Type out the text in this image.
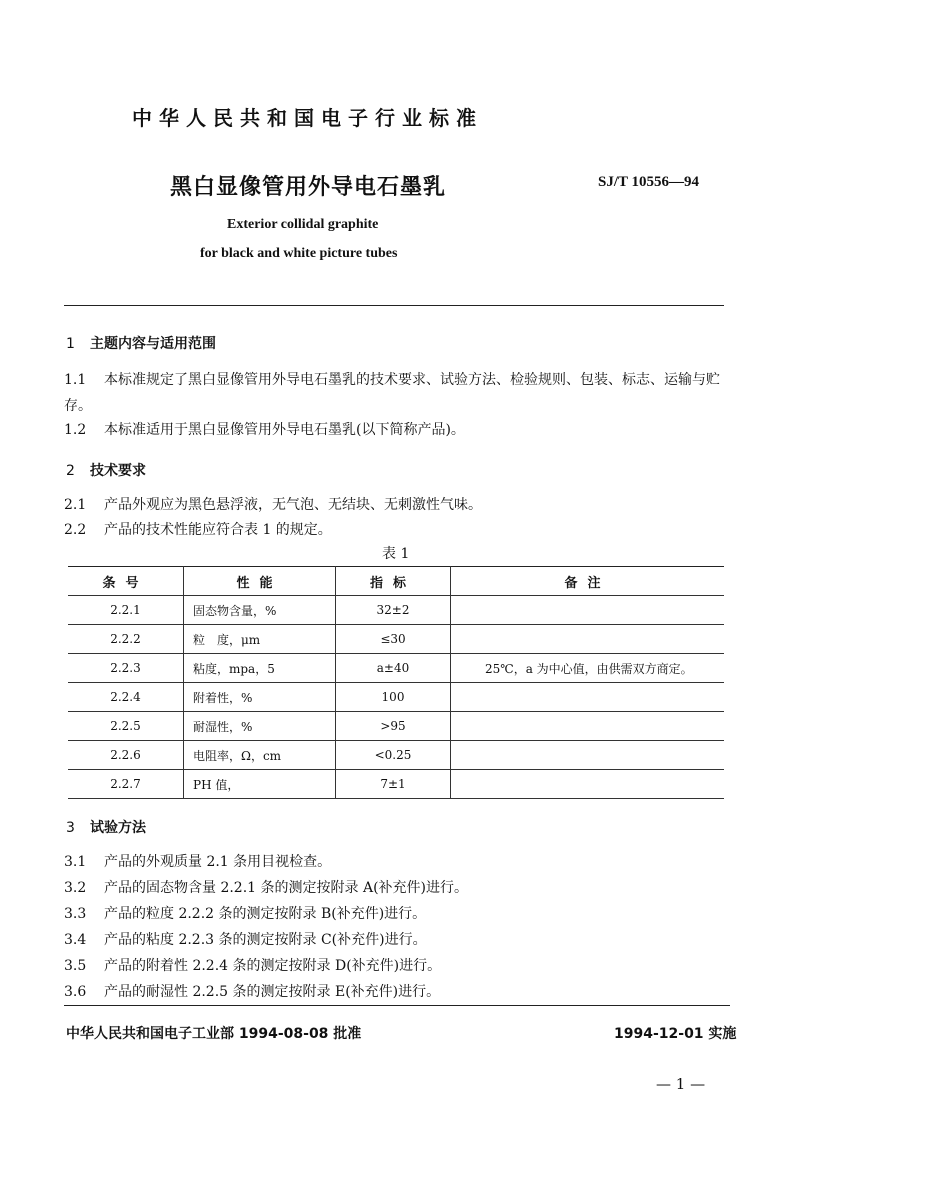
中华人民共和国电子行业标准
黑白显像管用外导电石墨乳	SJ/T 10556—94
Exterior collidal graphite
for black and white picture tubes
1 主题内容与适用范围
1.1 本标准规定了黑白显像管用外导电石墨乳的技术要求、试验方法、检验规则、包装、标志、运输与贮存。
1.2 本标准适用于黑白显像管用外导电石墨乳(以下简称产品)。
2 技术要求
2.1 产品外观应为黑色悬浮液，无气泡、无结块、无刺激性气味。
2.2 产品的技术性能应符合表 1 的规定。
表 1
条号	性能	指标	备注
2.2.1	固态物含量，%	32±2	
2.2.2	粒　度，μm	≤30	
2.2.3	粘度，mpa，5	a±40	25℃，a 为中心值，由供需双方商定。
2.2.4	附着性，%	100	
2.2.5	耐湿性，%	>95	
2.2.6	电阻率，Ω，cm	<0.25	
2.2.7	PH 值，	7±1	
3 试验方法
3.1 产品的外观质量 2.1 条用目视检查。
3.2 产品的固态物含量 2.2.1 条的测定按附录 A(补充件)进行。
3.3 产品的粒度 2.2.2 条的测定按附录 B(补充件)进行。
3.4 产品的粘度 2.2.3 条的测定按附录 C(补充件)进行。
3.5 产品的附着性 2.2.4 条的测定按附录 D(补充件)进行。
3.6 产品的耐湿性 2.2.5 条的测定按附录 E(补充件)进行。
中华人民共和国电子工业部 1994-08-08 批准	1994-12-01 实施
— 1 —
